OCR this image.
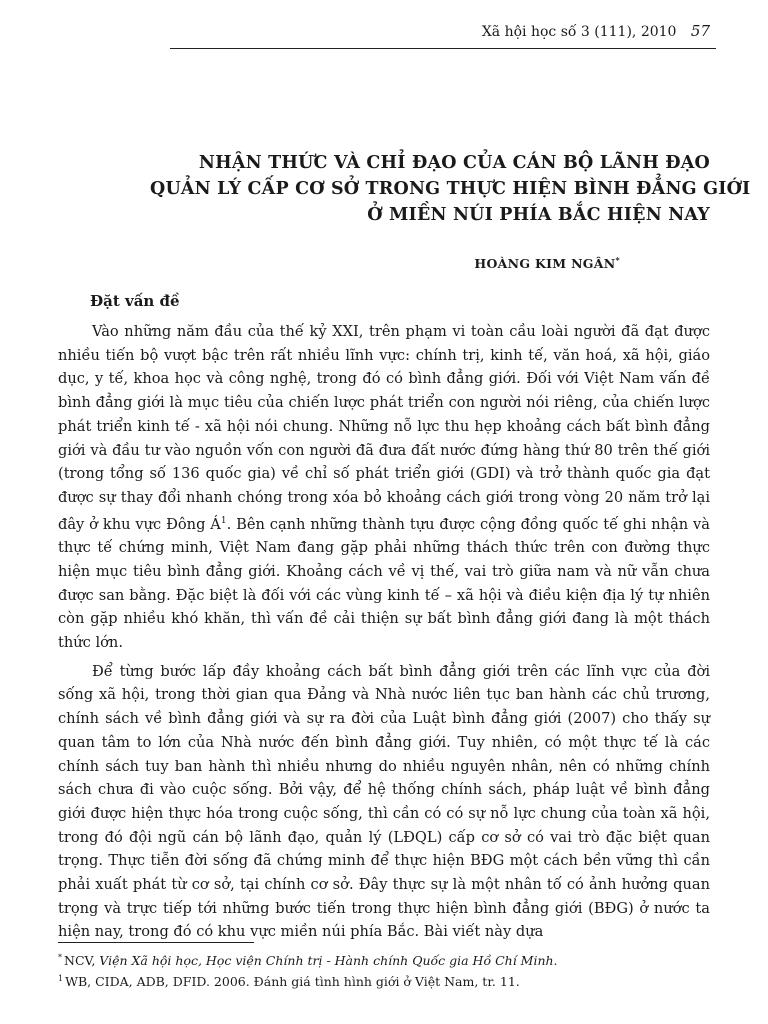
Xã hội học số 3 (111), 2010 57
NHẬN THỨC VÀ CHỈ ĐẠO CỦA CÁN BỘ LÃNH ĐẠO
QUẢN LÝ CẤP CƠ SỞ TRONG THỰC HIỆN BÌNH ĐẲNG GIỚI
Ở MIỀN NÚI PHÍA BẮC HIỆN NAY
HOÀNG KIM NGÂN*
Đặt vấn đề

Vào những năm đầu của thế kỷ XXI, trên phạm vi toàn cầu loài người đã đạt được nhiều tiến bộ vượt bậc trên rất nhiều lĩnh vực: chính trị, kinh tế, văn hoá, xã hội, giáo dục, y tế, khoa học và công nghệ, trong đó có bình đẳng giới. Đối với Việt Nam vấn đề bình đẳng giới là mục tiêu của chiến lược phát triển con người nói riêng, của chiến lược phát triển kinh tế - xã hội nói chung. Những nỗ lực thu hẹp khoảng cách bất bình đẳng giới và đầu tư vào nguồn vốn con người đã đưa đất nước đứng hàng thứ 80 trên thế giới (trong tổng số 136 quốc gia) về chỉ số phát triển giới (GDI) và trở thành quốc gia đạt được sự thay đổi nhanh chóng trong xóa bỏ khoảng cách giới trong vòng 20 năm trở lại đây ở khu vực Đông $Á^1$. Bên cạnh những thành tựu được cộng đồng quốc tế ghi nhận và thực tế chứng minh, Việt Nam đang gặp phải những thách thức trên con đường thực hiện mục tiêu bình đẳng giới. Khoảng cách về vị thế, vai trò giữa nam và nữ vẫn chưa được san bằng. Đặc biệt là đối với các vùng kinh tế – xã hội và điều kiện địa lý tự nhiên còn gặp nhiều khó khăn, thì vấn đề cải thiện sự bất bình đẳng giới đang là một thách thức lớn.

Để từng bước lấp đầy khoảng cách bất bình đẳng giới trên các lĩnh vực của đời sống xã hội, trong thời gian qua Đảng và Nhà nước liên tục ban hành các chủ trương, chính sách về bình đẳng giới và sự ra đời của Luật bình đẳng giới (2007) cho thấy sự quan tâm to lớn của Nhà nước đến bình đẳng giới. Tuy nhiên, có một thực tế là các chính sách tuy ban hành thì nhiều nhưng do nhiều nguyên nhân, nên có những chính sách chưa đi vào cuộc sống. Bởi vậy, để hệ thống chính sách, pháp luật về bình đẳng giới được hiện thực hóa trong cuộc sống, thì cần có có sự nỗ lực chung của toàn xã hội, trong đó đội ngũ cán bộ lãnh đạo, quản lý (LĐQL) cấp cơ sở có vai trò đặc biệt quan trọng. Thực tiễn đời sống đã chứng minh để thực hiện BĐG một cách bền vững thì cần phải xuất phát từ cơ sở, tại chính cơ sở. Đây thực sự là một nhân tố có ảnh hưởng quan trọng và trực tiếp tới những bước tiến trong thực hiện bình đẳng giới (BĐG) ở nước ta hiện nay, trong đó có khu vực miền núi phía Bắc. Bài viết này dựa

* NCV, Viện Xã hội học, Học viện Chính trị - Hành chính Quốc gia Hồ Chí Minh.
$^1$ WB, CIDA, ADB, DFID. 2006. Đánh giá tình hình giới ở Việt Nam, tr. 11.
